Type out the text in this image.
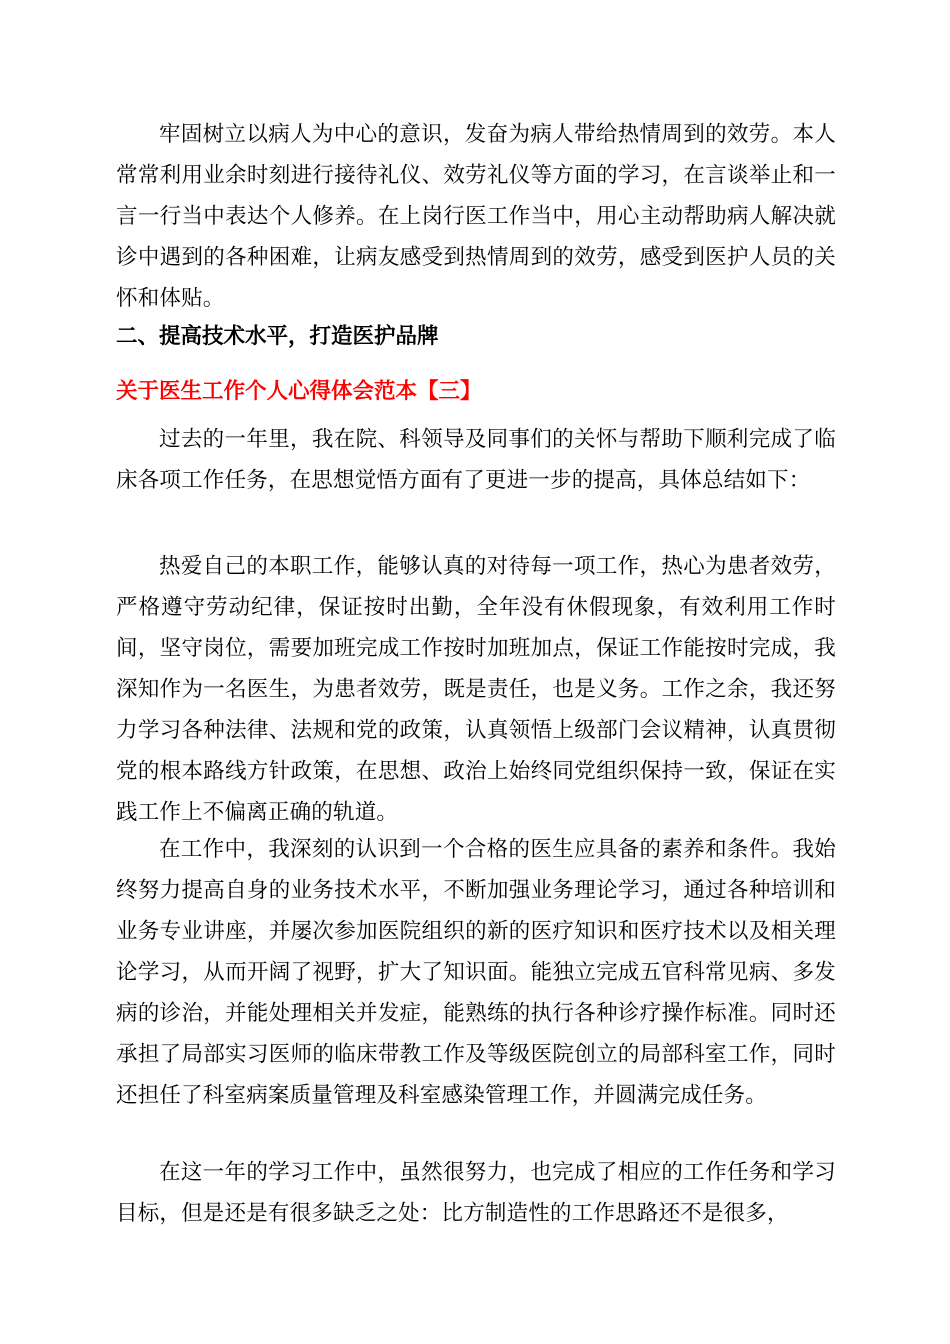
牢固树立以病人为中心的意识，发奋为病人带给热情周到的效劳。本人常常利用业余时刻进行接待礼仪、效劳礼仪等方面的学习，在言谈举止和一言一行当中表达个人修养。在上岗行医工作当中，用心主动帮助病人解决就诊中遇到的各种困难，让病友感受到热情周到的效劳，感受到医护人员的关怀和体贴。

二、提高技术水平，打造医护品牌

关于医生工作个人心得体会范本【三】

过去的一年里，我在院、科领导及同事们的关怀与帮助下顺利完成了临床各项工作任务，在思想觉悟方面有了更进一步的提高，具体总结如下：

热爱自己的本职工作，能够认真的对待每一项工作，热心为患者效劳，严格遵守劳动纪律，保证按时出勤，全年没有休假现象，有效利用工作时间，坚守岗位，需要加班完成工作按时加班加点，保证工作能按时完成，我深知作为一名医生，为患者效劳，既是责任，也是义务。工作之余，我还努力学习各种法律、法规和党的政策，认真领悟上级部门会议精神，认真贯彻党的根本路线方针政策，在思想、政治上始终同党组织保持一致，保证在实践工作上不偏离正确的轨道。

在工作中，我深刻的认识到一个合格的医生应具备的素养和条件。我始终努力提高自身的业务技术水平，不断加强业务理论学习，通过各种培训和业务专业讲座，并屡次参加医院组织的新的医疗知识和医疗技术以及相关理论学习，从而开阔了视野，扩大了知识面。能独立完成五官科常见病、多发病的诊治，并能处理相关并发症，能熟练的执行各种诊疗操作标准。同时还承担了局部实习医师的临床带教工作及等级医院创立的局部科室工作，同时还担任了科室病案质量管理及科室感染管理工作，并圆满完成任务。

在这一年的学习工作中，虽然很努力，也完成了相应的工作任务和学习目标，但是还是有很多缺乏之处：比方制造性的工作思路还不是很多，
